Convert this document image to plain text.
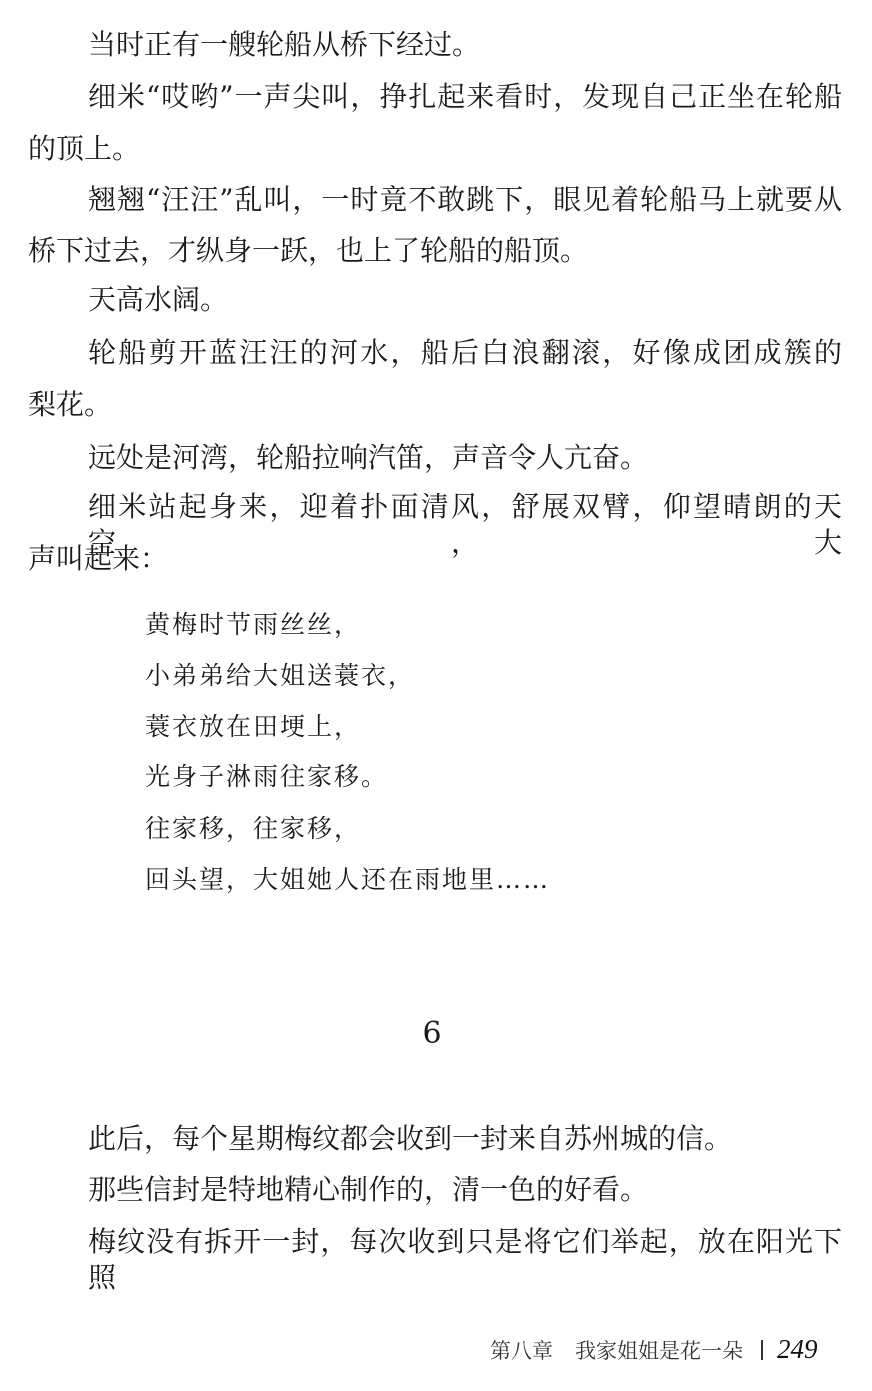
当时正有一艘轮船从桥下经过。
细米“哎哟”一声尖叫，挣扎起来看时，发现自己正坐在轮船
的顶上。
翘翘“汪汪”乱叫，一时竟不敢跳下，眼见着轮船马上就要从
桥下过去，才纵身一跃，也上了轮船的船顶。
天高水阔。
轮船剪开蓝汪汪的河水，船后白浪翻滚，好像成团成簇的
梨花。
远处是河湾，轮船拉响汽笛，声音令人亢奋。
细米站起身来，迎着扑面清风，舒展双臂，仰望晴朗的天空，大
声叫起来：
黄梅时节雨丝丝，
小弟弟给大姐送蓑衣，
蓑衣放在田埂上，
光身子淋雨往家移。
往家移，往家移，
回头望，大姐她人还在雨地里……
6
此后，每个星期梅纹都会收到一封来自苏州城的信。
那些信封是特地精心制作的，清一色的好看。
梅纹没有拆开一封，每次收到只是将它们举起，放在阳光下照
第八章 我家姐姐是花一朵 249
